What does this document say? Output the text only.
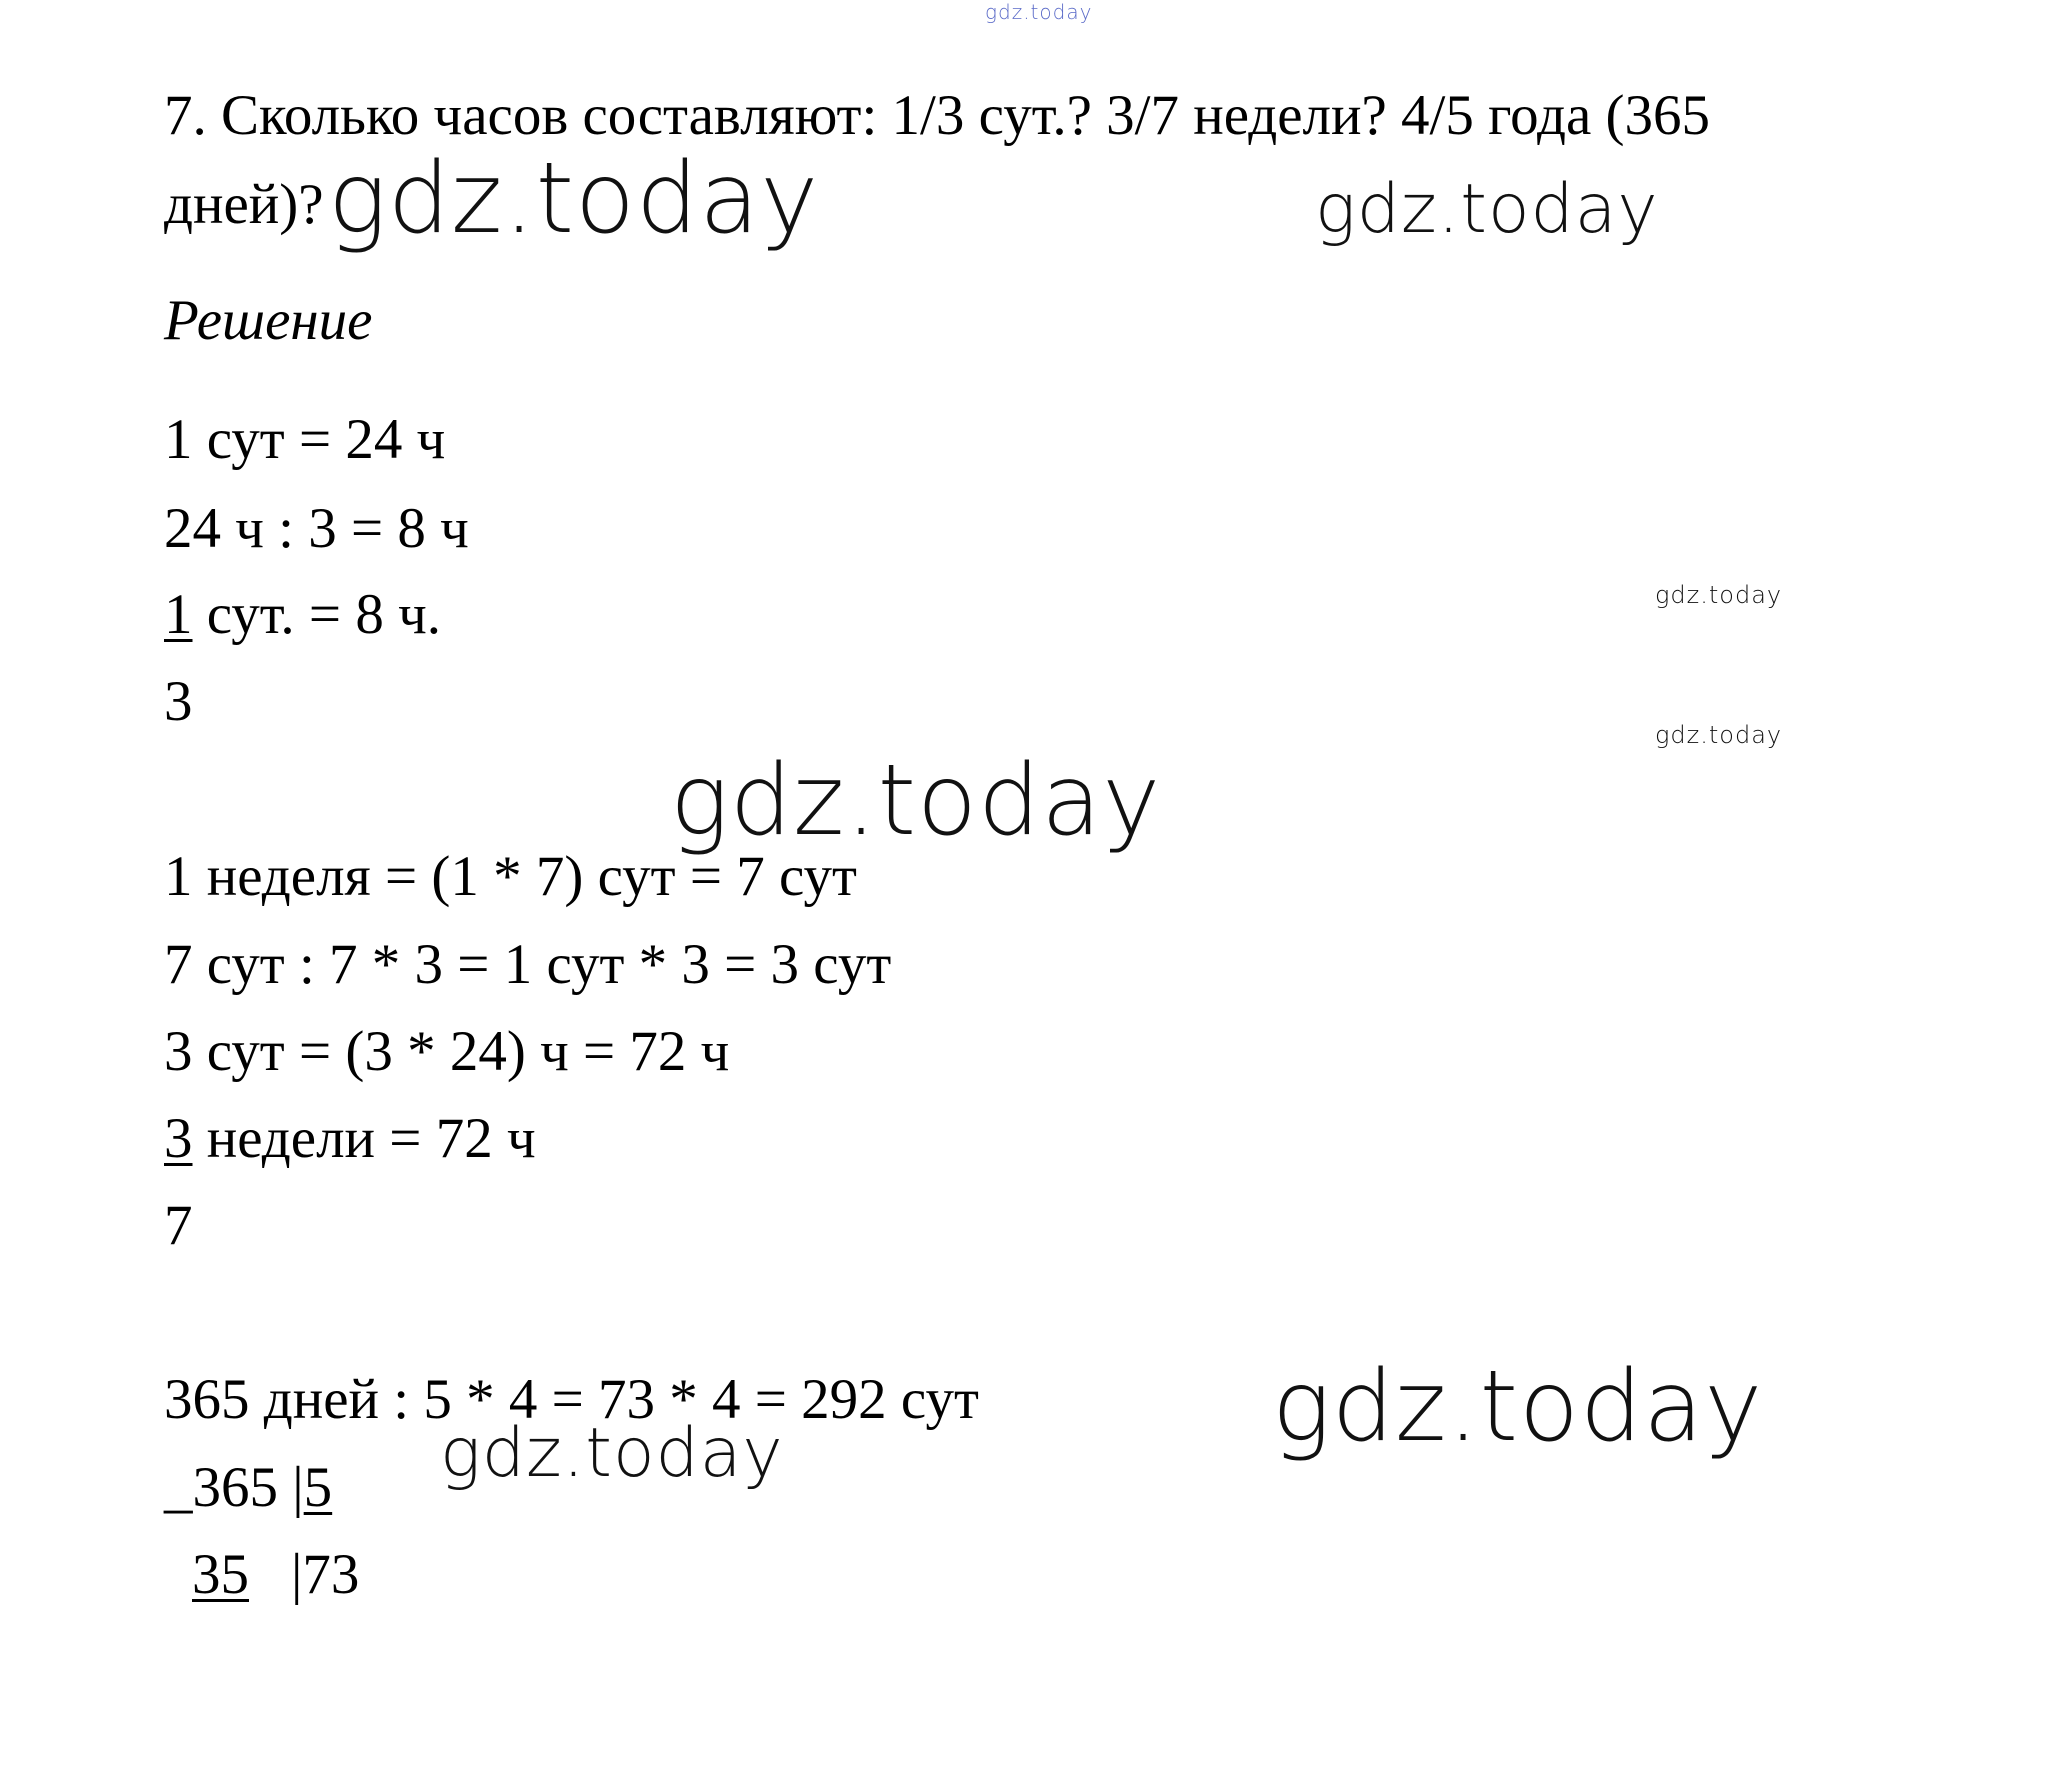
gdz.today
gdz.today	gdz.today
gdz.today
gdz.today
gdz.today
gdz.today	gdz.today
7. Сколько часов составляют: 1/3 сут.? 3/7 недели? 4/5 года (365
дней)?
Решение
1 сут = 24 ч
24 ч : 3 = 8 ч
1 сут. = 8 ч.
3
1 неделя = (1 * 7) сут = 7 сут
7 сут : 7 * 3 = 1 сут * 3 = 3 сут
3 сут = (3 * 24) ч = 72 ч
3 недели = 72 ч
7
365 дней : 5 * 4 = 73 * 4 = 292 сут
_365 |5
35 |73
